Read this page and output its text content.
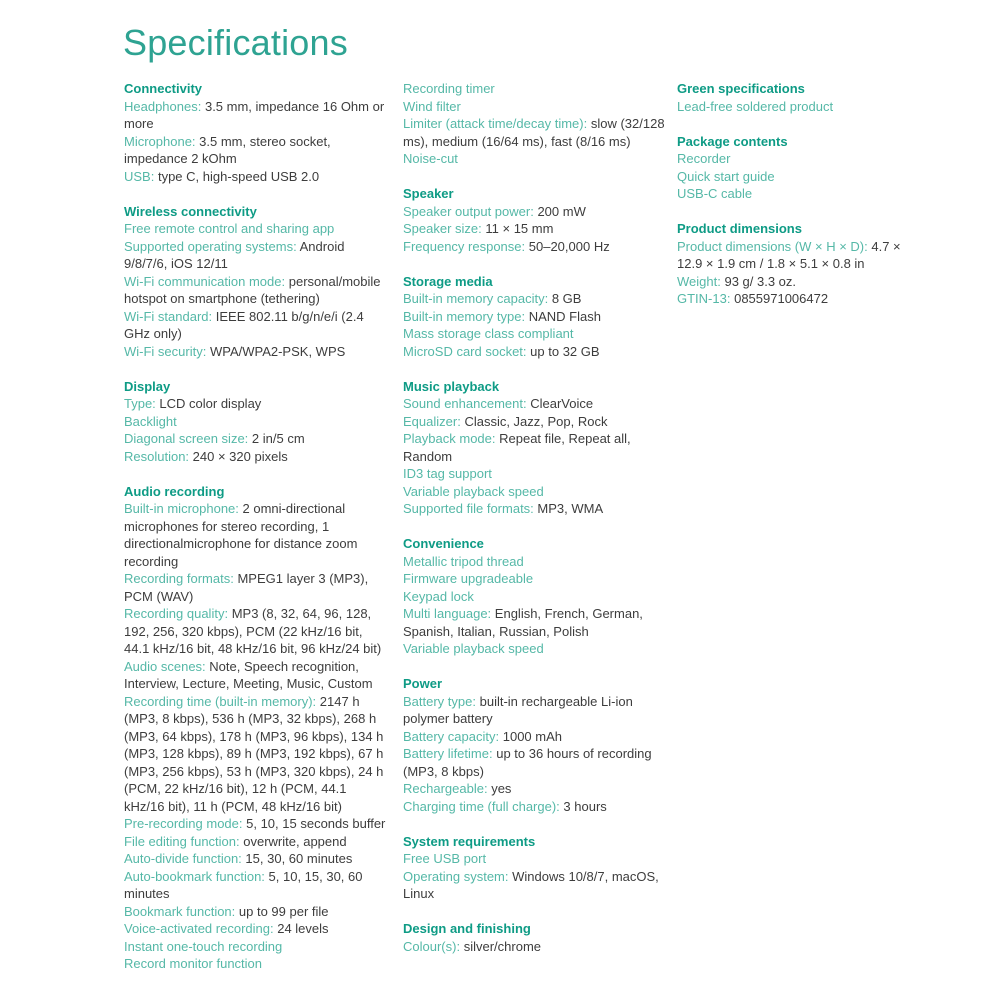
Specifications
Connectivity
Headphones: 3.5 mm, impedance 16 Ohm or more
Microphone: 3.5 mm, stereo socket, impedance 2 kOhm
USB: type C, high-speed USB 2.0
Wireless connectivity
Free remote control and sharing app
Supported operating systems: Android 9/8/7/6, iOS 12/11
Wi-Fi communication mode: personal/mobile hotspot on smartphone (tethering)
Wi-Fi standard: IEEE 802.11 b/g/n/e/i (2.4 GHz only)
Wi-Fi security: WPA/WPA2-PSK, WPS
Display
Type: LCD color display
Backlight
Diagonal screen size: 2 in/5 cm
Resolution: 240 × 320 pixels
Audio recording
Built-in microphone: 2 omni-directional microphones for stereo recording, 1 directionalmicrophone for distance zoom recording
Recording formats: MPEG1 layer 3 (MP3), PCM (WAV)
Recording quality: MP3 (8, 32, 64, 96, 128, 192, 256, 320 kbps), PCM (22 kHz/16 bit, 44.1 kHz/16 bit, 48 kHz/16 bit, 96 kHz/24 bit)
Audio scenes: Note, Speech recognition, Interview, Lecture, Meeting, Music, Custom
Recording time (built-in memory): 2147 h (MP3, 8 kbps), 536 h (MP3, 32 kbps), 268 h (MP3, 64 kbps), 178 h (MP3, 96 kbps), 134 h (MP3, 128 kbps), 89 h (MP3, 192 kbps), 67 h (MP3, 256 kbps), 53 h (MP3, 320 kbps), 24 h (PCM, 22 kHz/16 bit), 12 h (PCM, 44.1 kHz/16 bit), 11 h (PCM, 48 kHz/16 bit)
Pre-recording mode: 5, 10, 15 seconds buffer
File editing function: overwrite, append
Auto-divide function: 15, 30, 60 minutes
Auto-bookmark function: 5, 10, 15, 30, 60 minutes
Bookmark function: up to 99 per file
Voice-activated recording: 24 levels
Instant one-touch recording
Record monitor function
Recording timer
Wind filter
Limiter (attack time/decay time): slow (32/128 ms), medium (16/64 ms), fast (8/16 ms)
Noise-cut
Speaker
Speaker output power: 200 mW
Speaker size: 11 × 15 mm
Frequency response: 50–20,000 Hz
Storage media
Built-in memory capacity: 8 GB
Built-in memory type: NAND Flash
Mass storage class compliant
MicroSD card socket: up to 32 GB
Music playback
Sound enhancement: ClearVoice
Equalizer: Classic, Jazz, Pop, Rock
Playback mode: Repeat file, Repeat all, Random
ID3 tag support
Variable playback speed
Supported file formats: MP3, WMA
Convenience
Metallic tripod thread
Firmware upgradeable
Keypad lock
Multi language: English, French, German, Spanish, Italian, Russian, Polish
Variable playback speed
Power
Battery type: built-in rechargeable Li-ion polymer battery
Battery capacity: 1000 mAh
Battery lifetime: up to 36 hours of recording (MP3, 8 kbps)
Rechargeable: yes
Charging time (full charge): 3 hours
System requirements
Free USB port
Operating system: Windows 10/8/7, macOS, Linux
Design and finishing
Colour(s): silver/chrome
Green specifications
Lead-free soldered product
Package contents
Recorder
Quick start guide
USB-C cable
Product dimensions
Product dimensions (W × H × D): 4.7 × 12.9 × 1.9 cm / 1.8 × 5.1 × 0.8 in
Weight: 93 g/ 3.3 oz.
GTIN-13: 0855971006472
